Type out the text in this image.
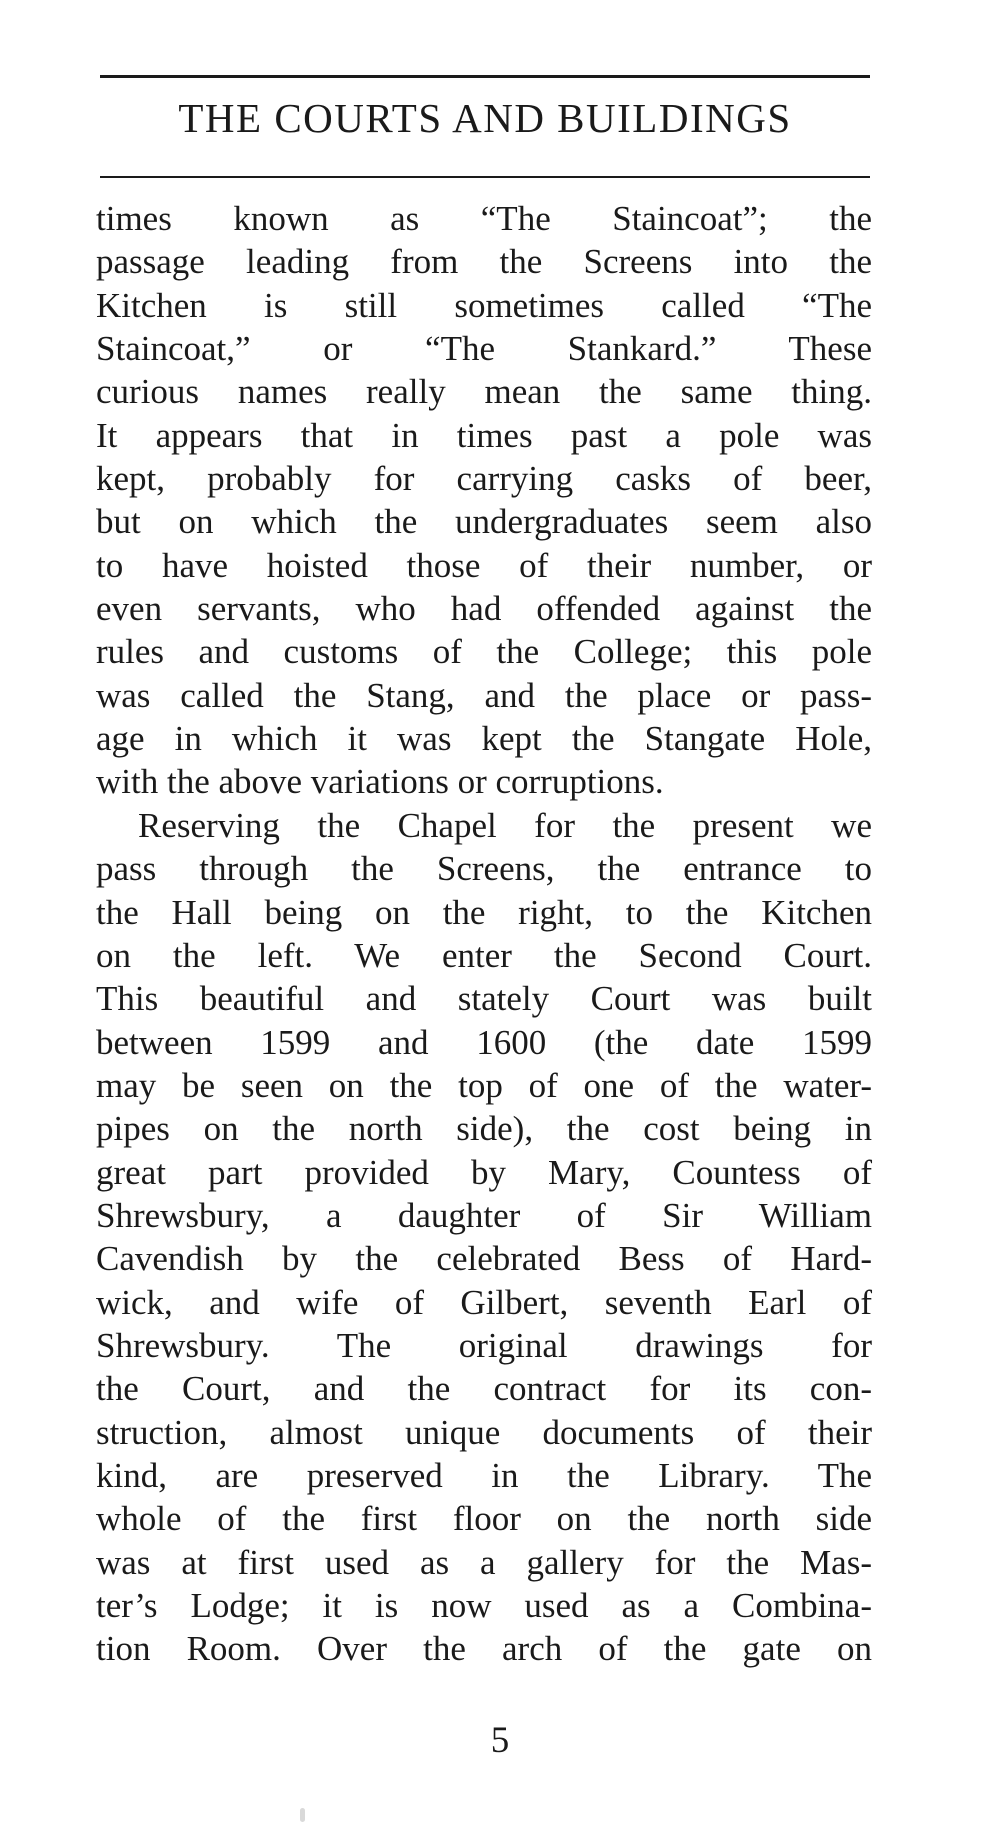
THE COURTS AND BUILDINGS
times known as “The Staincoat”; the
passage leading from the Screens into the
Kitchen is still sometimes called “The
Staincoat,” or “The Stankard.” These
curious names really mean the same thing.
It appears that in times past a pole was
kept, probably for carrying casks of beer,
but on which the undergraduates seem also
to have hoisted those of their number, or
even servants, who had offended against the
rules and customs of the College; this pole
was called the Stang, and the place or pass-
age in which it was kept the Stangate Hole,
with the above variations or corruptions.
Reserving the Chapel for the present we
pass through the Screens, the entrance to
the Hall being on the right, to the Kitchen
on the left. We enter the Second Court.
This beautiful and stately Court was built
between 1599 and 1600 (the date 1599
may be seen on the top of one of the water-
pipes on the north side), the cost being in
great part provided by Mary, Countess of
Shrewsbury, a daughter of Sir William
Cavendish by the celebrated Bess of Hard-
wick, and wife of Gilbert, seventh Earl of
Shrewsbury. The original drawings for
the Court, and the contract for its con-
struction, almost unique documents of their
kind, are preserved in the Library. The
whole of the first floor on the north side
was at first used as a gallery for the Mas-
ter’s Lodge; it is now used as a Combina-
tion Room. Over the arch of the gate on
5
